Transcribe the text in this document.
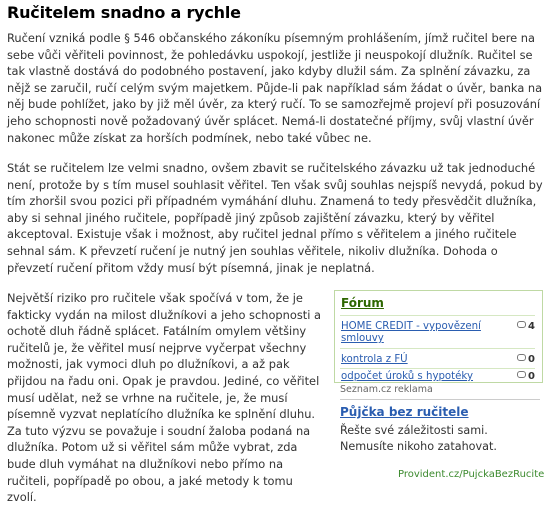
Ručitelem snadno a rychle

Ručení vzniká podle § 546 občanského zákoníku písemným prohlášením, jímž ručitel bere na sebe vůči věřiteli povinnost, že pohledávku uspokojí, jestliže ji neuspokojí dlužník. Ručitel se tak vlastně dostává do podobného postavení, jako kdyby dlužil sám. Za splnění závazku, za nějž se zaručil, ručí celým svým majetkem. Půjde-li pak například sám žádat o úvěr, banka na něj bude pohlížet, jako by již měl úvěr, za který ručí. To se samozřejmě projeví při posuzování jeho schopnosti nově požadovaný úvěr splácet. Nemá-li dostatečné příjmy, svůj vlastní úvěr nakonec může získat za horších podmínek, nebo také vůbec ne.

Stát se ručitelem lze velmi snadno, ovšem zbavit se ručitelského závazku už tak jednoduché není, protože by s tím musel souhlasit věřitel. Ten však svůj souhlas nejspíš nevydá, pokud by tím zhoršil svou pozici při případném vymáhání dluhu. Znamená to tedy přesvědčit dlužníka, aby si sehnal jiného ručitele, popřípadě jiný způsob zajištění závazku, který by věřitel akceptoval. Existuje však i možnost, aby ručitel jednal přímo s věřitelem a jiného ručitele sehnal sám. K převzetí ručení je nutný jen souhlas věřitele, nikoliv dlužníka. Dohoda o převzetí ručení přitom vždy musí být písemná, jinak je neplatná.

Největší riziko pro ručitele však spočívá v tom, že je fakticky vydán na milost dlužníkovi a jeho schopnosti a ochotě dluh řádně splácet. Fatálním omylem většiny ručitelů je, že věřitel musí nejprve vyčerpat všechny možnosti, jak vymoci dluh po dlužníkovi, a až pak přijdou na řadu oni. Opak je pravdou. Jediné, co věřitel musí udělat, než se vrhne na ručitele, je, že musí písemně vyzvat neplatícího dlužníka ke splnění dluhu. Za tuto výzvu se považuje i soudní žaloba podaná na dlužníka. Potom už si věřitel sám může vybrat, zda bude dluh vymáhat na dlužníkovi nebo přímo na ručiteli, popřípadě po obou, a jaké metody k tomu zvolí.

Fórum
HOME CREDIT - vypovězení smlouvy
4
kontrola z FÚ	0
odpočet úroků s hypotéky	0
Seznam.cz reklama
Půjčka bez ručitele
Řešte své záležitosti sami. Nemusíte nikoho zatahovat.
Provident.cz/PujckaBezRucite
